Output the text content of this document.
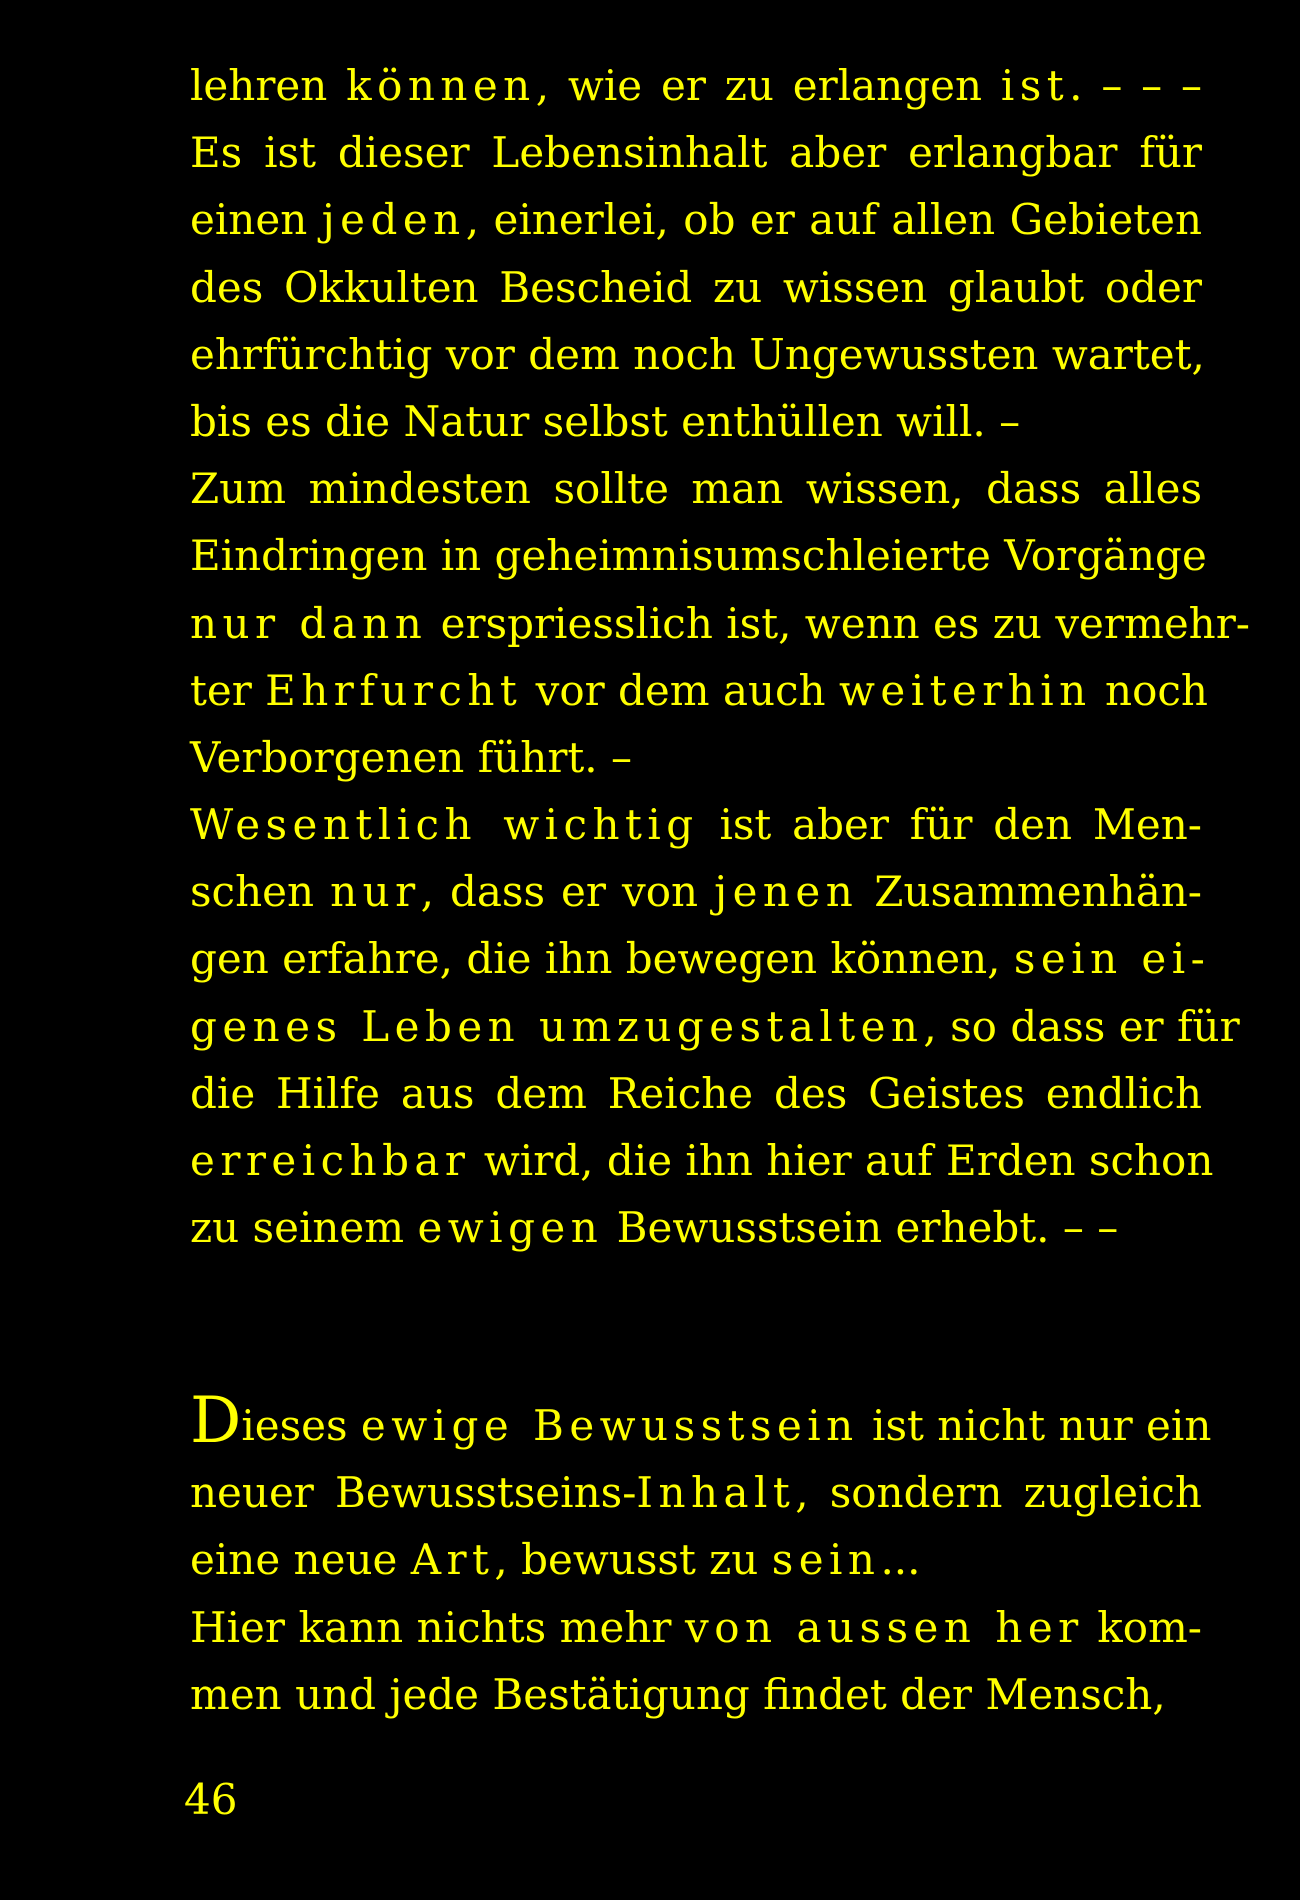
lehren können, wie er zu erlangen ist. – – –
Es ist dieser Lebensinhalt aber erlangbar für
einen jeden, einerlei, ob er auf allen Gebieten
des Okkulten Bescheid zu wissen glaubt oder
ehrfürchtig vor dem noch Ungewussten wartet,
bis es die Natur selbst enthüllen will. –
Zum mindesten sollte man wissen, dass alles
Eindringen in geheimnisumschleierte Vorgänge
nur dann erspriesslich ist, wenn es zu vermehr-
ter Ehrfurcht vor dem auch weiterhin noch
Verborgenen führt. –
Wesentlich wichtig ist aber für den Men-
schen nur, dass er von jenen Zusammenhän-
gen erfahre, die ihn bewegen können, sein ei-
genes Leben umzugestalten, so dass er für
die Hilfe aus dem Reiche des Geistes endlich
erreichbar wird, die ihn hier auf Erden schon
zu seinem ewigen Bewusstsein erhebt. – –
Dieses ewige Bewusstsein ist nicht nur ein
neuer Bewusstseins-Inhalt, sondern zugleich
eine neue Art, bewusst zu sein...
Hier kann nichts mehr von aussen her kom-
men und jede Bestätigung findet der Mensch,
46
